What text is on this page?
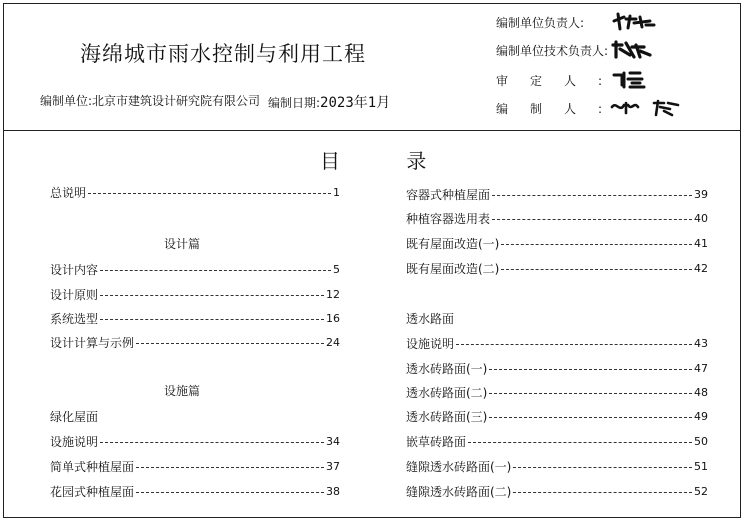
海绵城市雨水控制与利用工程
编制单位:北京市建筑设计研究院有限公司 编制日期:2023年1月
编制单位负责人:
编制单位技术负责人:
审定人:
编制人:
目 录
总说明	1
设计篇
设计内容	5
设计原则	12
系统选型	16
设计计算与示例	24
设施篇
绿化屋面
设施说明	34
简单式种植屋面	37
花园式种植屋面	38
容器式种植屋面	39
种植容器选用表	40
既有屋面改造(一)	41
既有屋面改造(二)	42
透水路面
设施说明	43
透水砖路面(一)	47
透水砖路面(二)	48
透水砖路面(三)	49
嵌草砖路面	50
缝隙透水砖路面(一)	51
缝隙透水砖路面(二)	52
